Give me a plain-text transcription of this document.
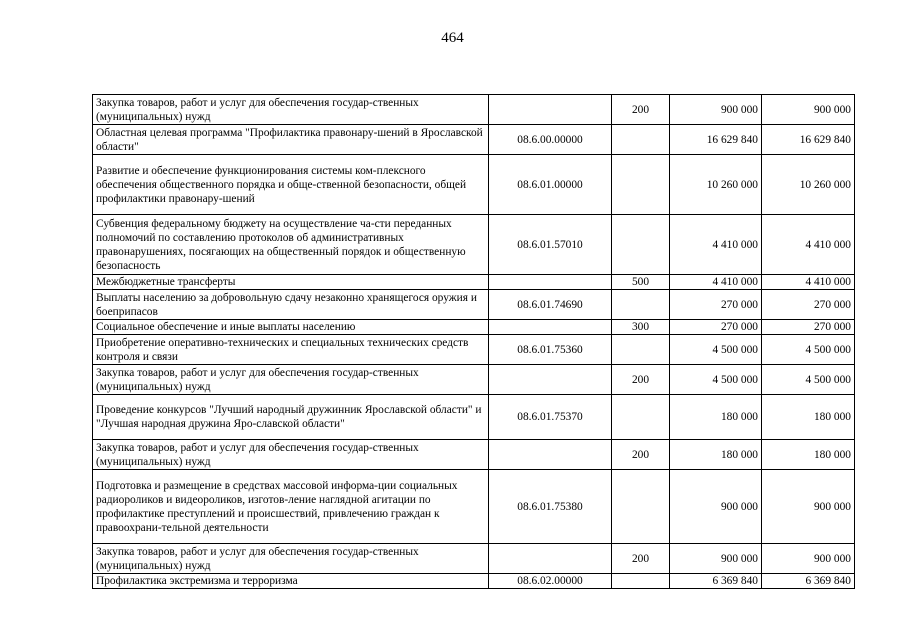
464
Закупка товаров, работ и услуг для обеспечения государ-ственных (муниципальных) нужд		200	900 000	900 000
Областная целевая программа "Профилактика правонару-шений в Ярославской области"	08.6.00.00000		16 629 840	16 629 840
Развитие и обеспечение функционирования системы ком-плексного обеспечения общественного порядка и обще-ственной безопасности, общей профилактики правонару-шений	08.6.01.00000		10 260 000	10 260 000
Субвенция федеральному бюджету на осуществление ча-сти переданных полномочий по составлению протоколов об административных правонарушениях, посягающих на общественный порядок и общественную безопасность	08.6.01.57010		4 410 000	4 410 000
Межбюджетные трансферты		500	4 410 000	4 410 000
Выплаты населению за добровольную сдачу незаконно хранящегося оружия и боеприпасов	08.6.01.74690		270 000	270 000
Социальное обеспечение и иные выплаты населению		300	270 000	270 000
Приобретение оперативно-технических и специальных технических средств контроля и связи	08.6.01.75360		4 500 000	4 500 000
Закупка товаров, работ и услуг для обеспечения государ-ственных (муниципальных) нужд		200	4 500 000	4 500 000
Проведение конкурсов "Лучший народный дружинник Ярославской области" и "Лучшая народная дружина Яро-славской области"	08.6.01.75370		180 000	180 000
Закупка товаров, работ и услуг для обеспечения государ-ственных (муниципальных) нужд		200	180 000	180 000
Подготовка и размещение в средствах массовой информа-ции социальных радиороликов и видеороликов, изготов-ление наглядной агитации по профилактике преступлений и происшествий, привлечению граждан к правоохрани-тельной деятельности	08.6.01.75380		900 000	900 000
Закупка товаров, работ и услуг для обеспечения государ-ственных (муниципальных) нужд		200	900 000	900 000
Профилактика экстремизма и терроризма	08.6.02.00000		6 369 840	6 369 840
